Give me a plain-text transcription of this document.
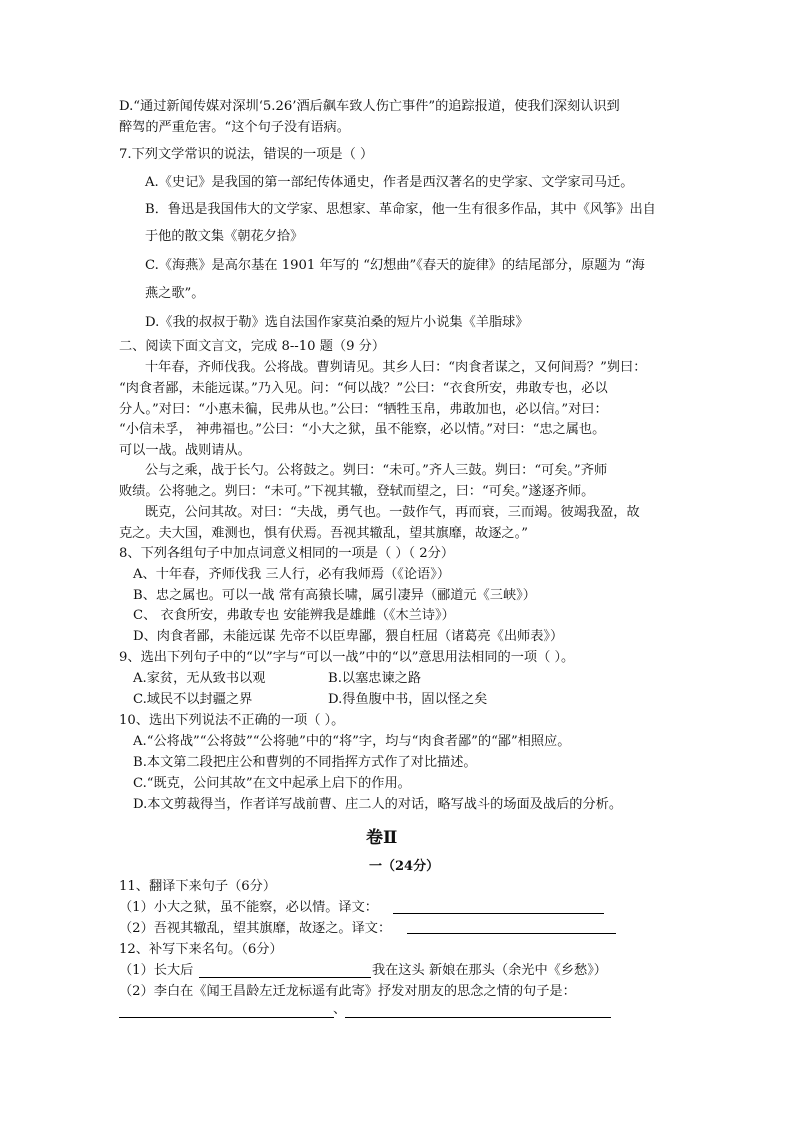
D.“通过新闻传媒对深圳‘5.26’酒后飙车致人伤亡事件”的追踪报道，使我们深刻认识到
醉驾的严重危害。“这个句子没有语病。
7.下列文学常识的说法，错误的一项是（ ）
A.《史记》是我国的第一部纪传体通史，作者是西汉著名的史学家、文学家司马迁。
B．鲁迅是我国伟大的文学家、思想家、革命家，他一生有很多作品，其中《风筝》出自
于他的散文集《朝花夕拾》
C.《海燕》是高尔基在 1901 年写的 “幻想曲”《春天的旋律》的结尾部分，原题为 “海
燕之歌”。
D.《我的叔叔于勒》选自法国作家莫泊桑的短片小说集《羊脂球》
二、阅读下面文言文，完成 8--10 题（9 分）
十年春，齐师伐我。公将战。曹刿请见。其乡人曰：“肉食者谋之，又何间焉？”刿曰：
“肉食者鄙，未能远谋。”乃入见。问：“何以战？”公曰：“衣食所安，弗敢专也，必以
分人。”对曰：“小惠未徧，民弗从也。”公曰：“牺牲玉帛，弗敢加也，必以信。”对曰：
“小信未孚， 神弗福也。”公曰：“小大之狱，虽不能察，必以情。”对曰：“忠之属也。
可以一战。战则请从。
公与之乘，战于长勺。公将鼓之。刿曰：“未可。”齐人三鼓。刿曰：“可矣。”齐师
败绩。公将驰之。刿曰：“未可。”下视其辙，登轼而望之，曰：“可矣。”遂逐齐师。
既克，公问其故。对曰：“夫战，勇气也。一鼓作气，再而衰，三而竭。彼竭我盈，故
克之。夫大国，难测也，惧有伏焉。吾视其辙乱，望其旗靡，故逐之。”
8、下列各组句子中加点词意义相同的一项是（ ）（ 2分）
A、十年春，齐师伐我 三人行，必有我师焉（《论语》）
B、忠之属也。可以一战 常有高猿长啸，属引凄异（郦道元《三峡》）
C、 衣食所安，弗敢专也 安能辨我是雄雌（《木兰诗》）
D、肉食者鄙，未能远谋 先帝不以臣卑鄙，猥自枉屈（诸葛亮《出师表》）
9、选出下列句子中的“以”字与“可以一战”中的“以”意思用法相同的一项（ ）。
A.家贫，无从致书以观	B.以塞忠谏之路
C.域民不以封疆之界	D.得鱼腹中书，固以怪之矣
10、选出下列说法不正确的一项（ ）。
A.“公将战”“公将鼓”“公将驰”中的“将”字，均与“肉食者鄙”的“鄙”相照应。
B.本文第二段把庄公和曹刿的不同指挥方式作了对比描述。
C.“既克，公问其故”在文中起承上启下的作用。
D.本文剪裁得当，作者详写战前曹、庄二人的对话，略写战斗的场面及战后的分析。
卷Ⅱ
一（24分）
11、翻译下来句子（6分）
（1）小大之狱，虽不能察，必以情。译文：
（2）吾视其辙乱，望其旗靡，故逐之。译文：
12、补写下来名句。（6分）
（1）长大后	我在这头 新娘在那头（余光中《乡愁》）
（2）李白在《闻王昌龄左迁龙标遥有此寄》抒发对朋友的思念之情的句子是：
、
